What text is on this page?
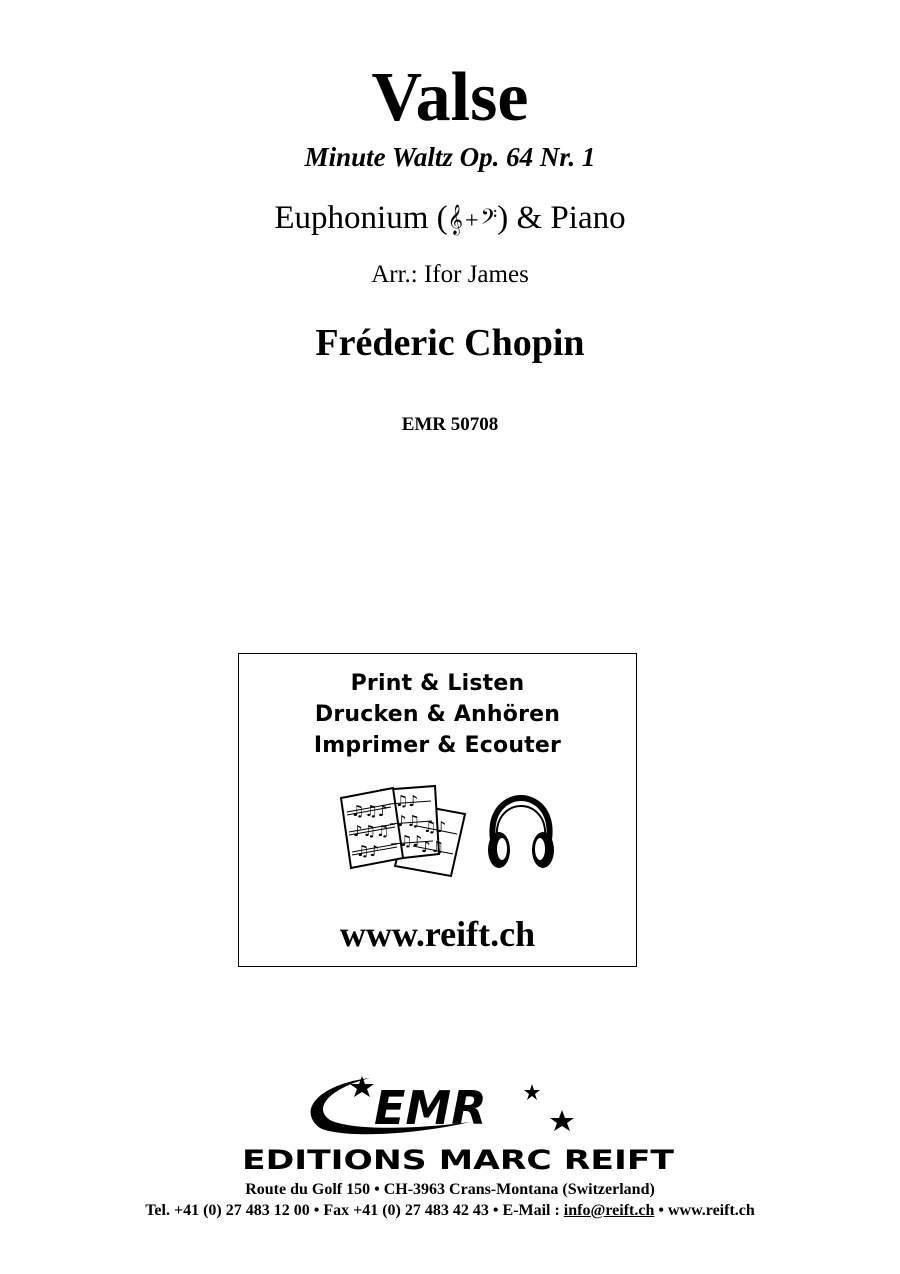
Valse
Minute Waltz Op. 64 Nr. 1
Euphonium (𝄞+𝄢) & Piano
Arr.: Ifor James
Fréderic Chopin
EMR 50708
Print & Listen
Drucken & Anhören
Imprimer & Ecouter
♫♫♪
♪♫♫
♫♪
♫♪
♪♫
♫♪
♫♪
♪♫
www.reift.ch
EMR
EDITIONS MARC REIFT
Route du Golf 150 • CH-3963 Crans-Montana (Switzerland)
Tel. +41 (0) 27 483 12 00 • Fax +41 (0) 27 483 42 43 • E-Mail : info@reift.ch • www.reift.ch
